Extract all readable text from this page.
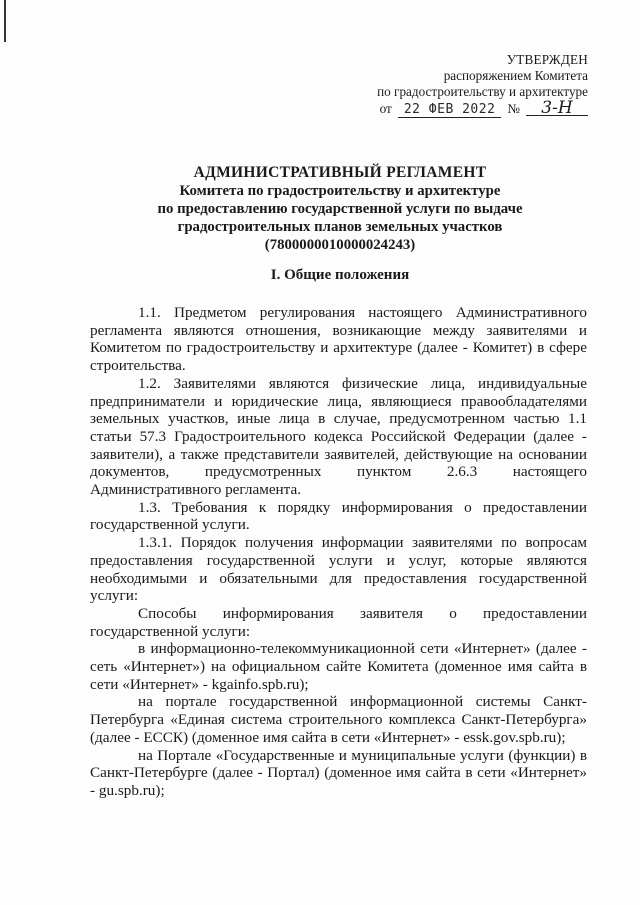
УТВЕРЖДЕН
распоряжением Комитета
по градостроительству и архитектуре
от 22 ФЕВ 2022 №	3-Н
АДМИНИСТРАТИВНЫЙ РЕГЛАМЕНТ
Комитета по градостроительству и архитектуре
по предоставлению государственной услуги по выдаче
градостроительных планов земельных участков
(7800000010000024243)
I. Общие положения

1.1. Предметом регулирования настоящего Административного регламента являются отношения, возникающие между заявителями и Комитетом по градостроительству и архитектуре (далее - Комитет) в сфере строительства.

1.2. Заявителями являются физические лица, индивидуальные предприниматели и юридические лица, являющиеся правообладателями земельных участков, иные лица в случае, предусмотренном частью 1.1 статьи 57.3 Градостроительного кодекса Российской Федерации (далее - заявители), а также представители заявителей, действующие на основании документов, предусмотренных пунктом 2.6.3 настоящего Административного регламента.

1.3. Требования к порядку информирования о предоставлении государственной услуги.

1.3.1. Порядок получения информации заявителями по вопросам предоставления государственной услуги и услуг, которые являются необходимыми и обязательными для предоставления государственной услуги:

Способы информирования заявителя о предоставлении государственной услуги:

в информационно-телекоммуникационной сети «Интернет» (далее - сеть «Интернет») на официальном сайте Комитета (доменное имя сайта в сети «Интернет» - kgainfo.spb.ru);

на портале государственной информационной системы Санкт-Петербурга «Единая система строительного комплекса Санкт-Петербурга» (далее - ЕССК) (доменное имя сайта в сети «Интернет» - essk.gov.spb.ru);

на Портале «Государственные и муниципальные услуги (функции) в Санкт-Петербурге (далее - Портал) (доменное имя сайта в сети «Интернет» - gu.spb.ru);
